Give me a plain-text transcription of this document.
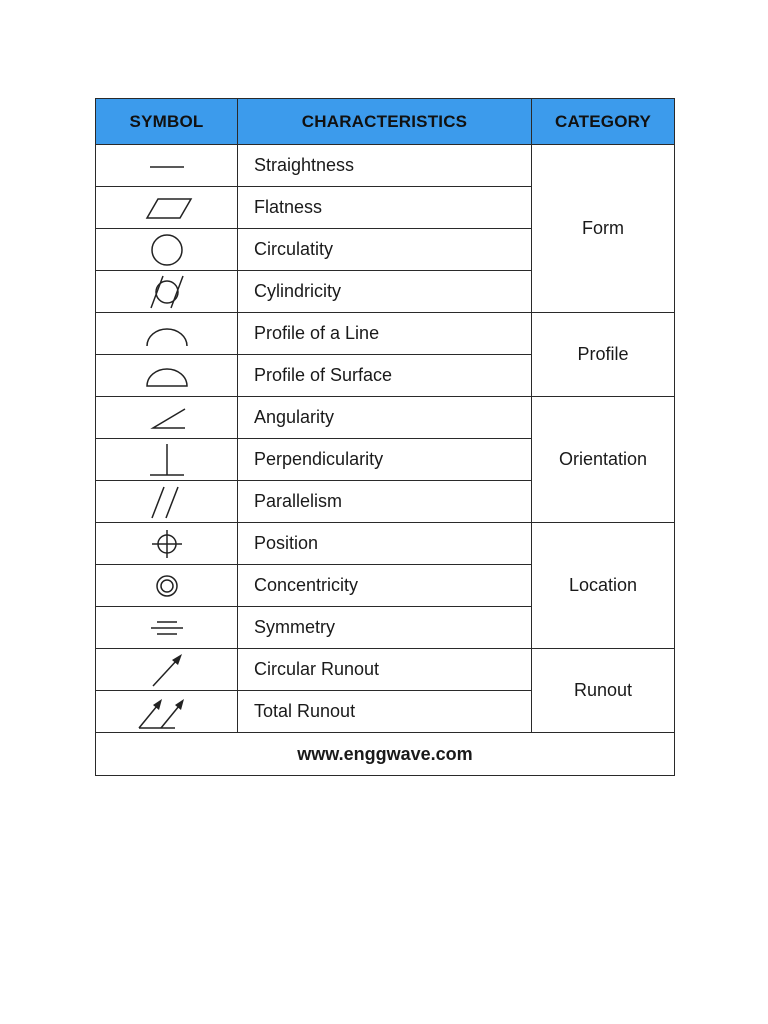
SYMBOL	CHARACTERISTICS	CATEGORY

	Straightness	Form

	Flatness	

	Circulatity	

	Cylindricity	

	Profile of a Line	Profile

	Profile of Surface	

	Angularity	Orientation

	Perpendicularity	

	Parallelism	

	Position	Location

	Concentricity	

	Symmetry	

	Circular Runout	Runout

	Total Runout	
www.enggwave.com		
